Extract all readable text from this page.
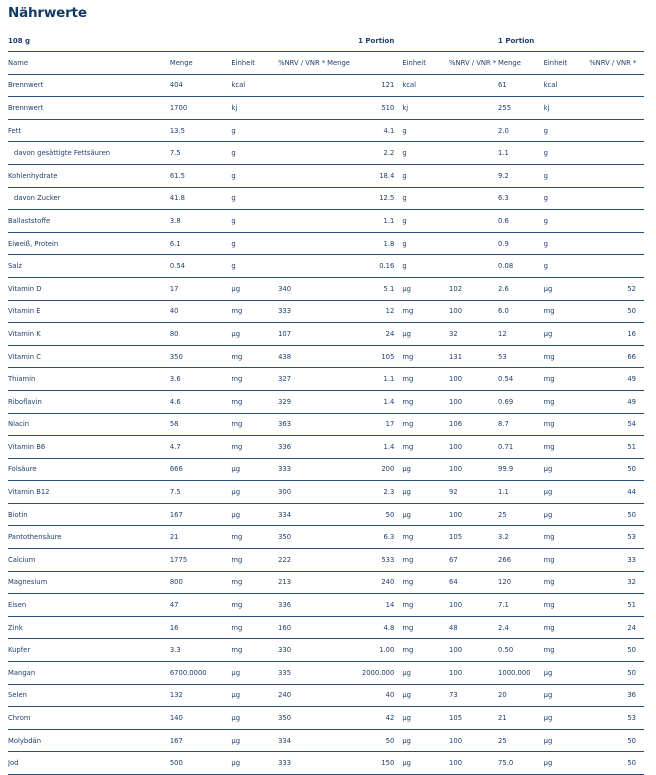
Nährwerte
108 g				1 Portion			1 Portion		
Name	Menge	Einheit	%NRV / VNR *	Menge	Einheit	%NRV / VNR *	Menge	Einheit	%NRV / VNR *
Brennwert	404	kcal		121	kcal		61	kcal	
Brennwert	1700	kj		510	kj		255	kj	
Fett	13.5	g		4.1	g		2.0	g	
davon gesättigte Fettsäuren	7.5	g		2.2	g		1.1	g	
Kohlenhydrate	61.5	g		18.4	g		9.2	g	
davon Zucker	41.8	g		12.5	g		6.3	g	
Ballaststoffe	3.8	g		1.1	g		0.6	g	
Eiweiß, Protein	6.1	g		1.8	g		0.9	g	
Salz	0.54	g		0.16	g		0.08	g	
Vitamin D	17	µg	340	5.1	µg	102	2.6	µg	52
Vitamin E	40	mg	333	12	mg	100	6.0	mg	50
Vitamin K	80	µg	107	24	µg	32	12	µg	16
Vitamin C	350	mg	438	105	mg	131	53	mg	66
Thiamin	3.6	mg	327	1.1	mg	100	0.54	mg	49
Riboflavin	4.6	mg	329	1.4	mg	100	0.69	mg	49
Niacin	58	mg	363	17	mg	106	8.7	mg	54
Vitamin B6	4.7	mg	336	1.4	mg	100	0.71	mg	51
Folsäure	666	µg	333	200	µg	100	99.9	µg	50
Vitamin B12	7.5	µg	300	2.3	µg	92	1.1	µg	44
Biotin	167	µg	334	50	µg	100	25	µg	50
Pantothensäure	21	mg	350	6.3	mg	105	3.2	mg	53
Calcium	1775	mg	222	533	mg	67	266	mg	33
Magnesium	800	mg	213	240	mg	64	120	mg	32
Eisen	47	mg	336	14	mg	100	7.1	mg	51
Zink	16	mg	160	4.8	mg	48	2.4	mg	24
Kupfer	3.3	mg	330	1.00	mg	100	0.50	mg	50
Mangan	6700.0000	µg	335	2000.000	µg	100	1000.000	µg	50
Selen	132	µg	240	40	µg	73	20	µg	36
Chrom	140	µg	350	42	µg	105	21	µg	53
Molybdän	167	µg	334	50	µg	100	25	µg	50
Jod	500	µg	333	150	µg	100	75.0	µg	50
